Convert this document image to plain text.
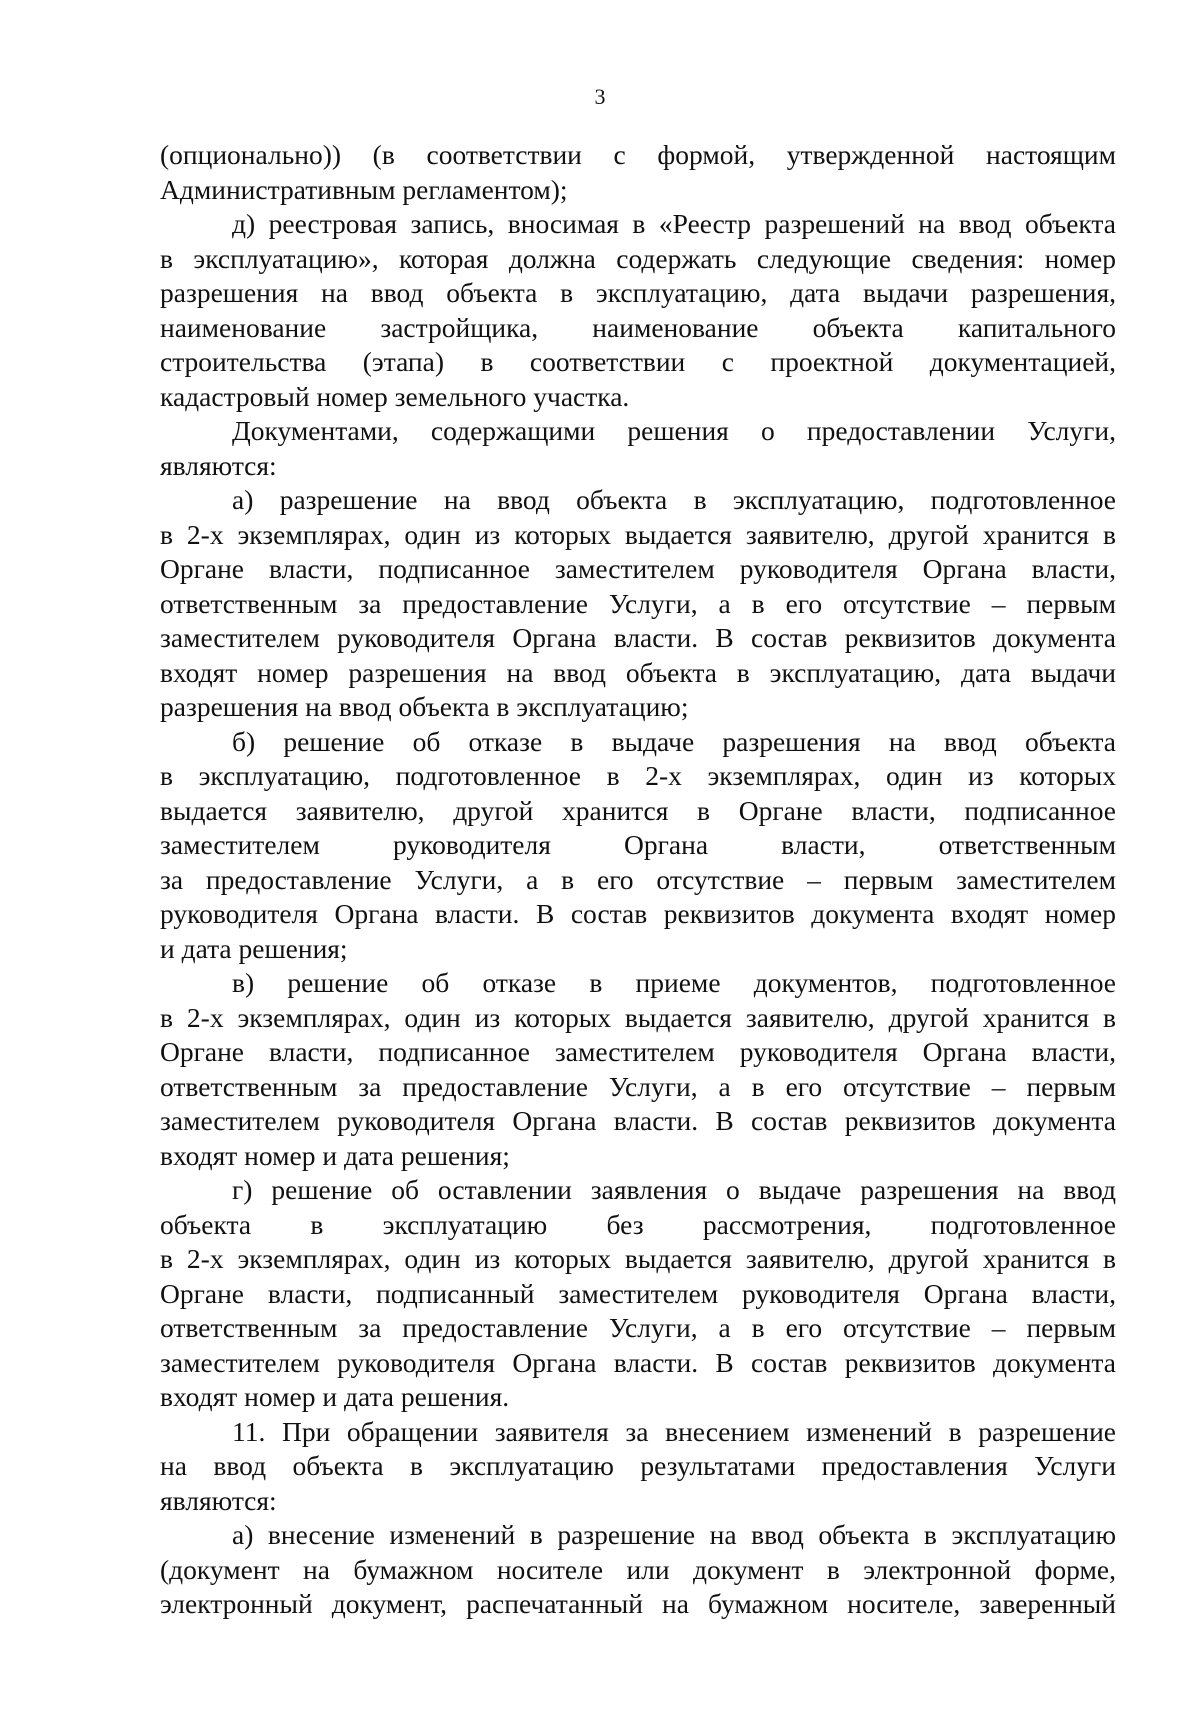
3
(опционально)) (в соответствии с формой, утвержденной настоящим
Административным регламентом);
д) реестровая запись, вносимая в «Реестр разрешений на ввод объекта
в эксплуатацию», которая должна содержать следующие сведения: номер
разрешения на ввод объекта в эксплуатацию, дата выдачи разрешения,
наименование застройщика, наименование объекта капитального
строительства (этапа) в соответствии с проектной документацией,
кадастровый номер земельного участка.
Документами, содержащими решения о предоставлении Услуги,
являются:
а) разрешение на ввод объекта в эксплуатацию, подготовленное
в 2-х экземплярах, один из которых выдается заявителю, другой хранится в
Органе власти, подписанное заместителем руководителя Органа власти,
ответственным за предоставление Услуги, а в его отсутствие – первым
заместителем руководителя Органа власти. В состав реквизитов документа
входят номер разрешения на ввод объекта в эксплуатацию, дата выдачи
разрешения на ввод объекта в эксплуатацию;
б) решение об отказе в выдаче разрешения на ввод объекта
в эксплуатацию, подготовленное в 2-х экземплярах, один из которых
выдается заявителю, другой хранится в Органе власти, подписанное
заместителем руководителя Органа власти, ответственным
за предоставление Услуги, а в его отсутствие – первым заместителем
руководителя Органа власти. В состав реквизитов документа входят номер
и дата решения;
в) решение об отказе в приеме документов, подготовленное
в 2-х экземплярах, один из которых выдается заявителю, другой хранится в
Органе власти, подписанное заместителем руководителя Органа власти,
ответственным за предоставление Услуги, а в его отсутствие – первым
заместителем руководителя Органа власти. В состав реквизитов документа
входят номер и дата решения;
г) решение об оставлении заявления о выдаче разрешения на ввод
объекта в эксплуатацию без рассмотрения, подготовленное
в 2-х экземплярах, один из которых выдается заявителю, другой хранится в
Органе власти, подписанный заместителем руководителя Органа власти,
ответственным за предоставление Услуги, а в его отсутствие – первым
заместителем руководителя Органа власти. В состав реквизитов документа
входят номер и дата решения.
11. При обращении заявителя за внесением изменений в разрешение
на ввод объекта в эксплуатацию результатами предоставления Услуги
являются:
а) внесение изменений в разрешение на ввод объекта в эксплуатацию
(документ на бумажном носителе или документ в электронной форме,
электронный документ, распечатанный на бумажном носителе, заверенный
